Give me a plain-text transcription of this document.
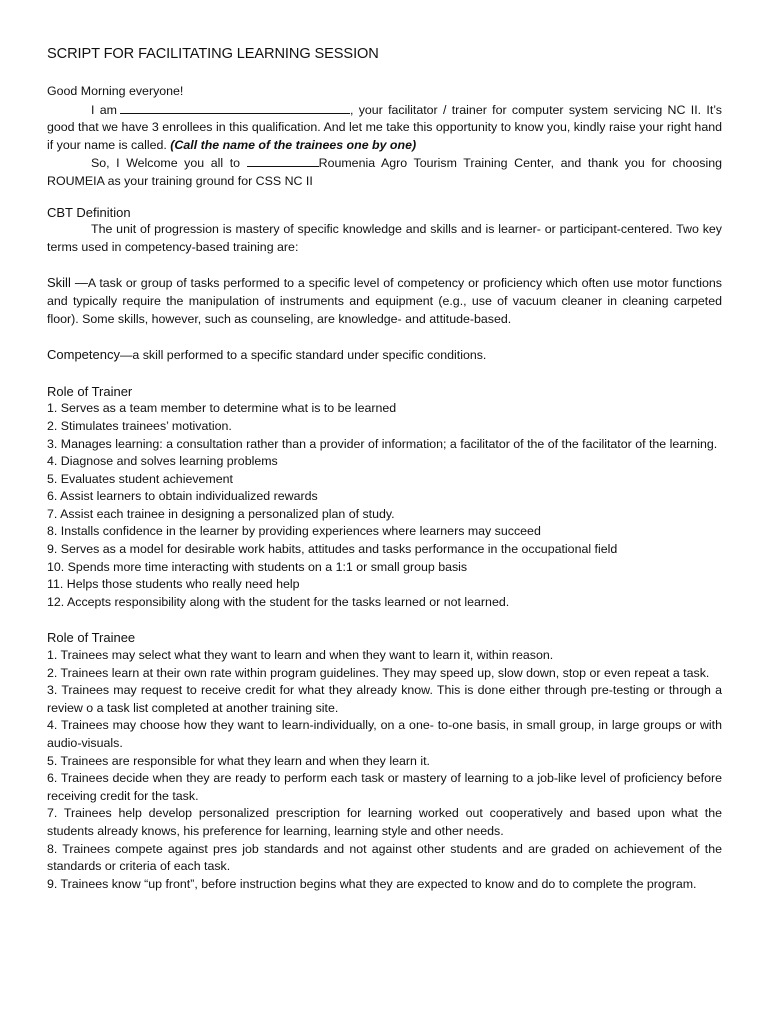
SCRIPT FOR FACILITATING LEARNING SESSION

Good Morning everyone!

I am	, your facilitator / trainer for computer system servicing NC II. It’s good that we have 3 enrollees in this qualification. And let me take this opportunity to know you, kindly raise your right hand if your name is called. (Call the name of the trainees one by one)

So, I Welcome you all to	Roumenia Agro Tourism Training Center, and thank you for choosing ROUMEIA as your training ground for CSS NC II

CBT Definition

The unit of progression is mastery of specific knowledge and skills and is learner- or participant-centered. Two key terms used in competency-based training are:

Skill —A task or group of tasks performed to a specific level of competency or proficiency which often use motor functions and typically require the manipulation of instruments and equipment (e.g., use of vacuum cleaner in cleaning carpeted floor). Some skills, however, such as counseling, are knowledge- and attitude-based.

Competency—a skill performed to a specific standard under specific conditions.

Role of Trainer

1. Serves as a team member to determine what is to be learned
2. Stimulates trainees’ motivation.
3. Manages learning: a consultation rather than a provider of information; a facilitator of the of the facilitator of the learning.
4. Diagnose and solves learning problems
5. Evaluates student achievement
6. Assist learners to obtain individualized rewards
7. Assist each trainee in designing a personalized plan of study.
8. Installs confidence in the learner by providing experiences where learners may succeed
9. Serves as a model for desirable work habits, attitudes and tasks performance in the occupational field
10. Spends more time interacting with students on a 1:1 or small group basis
11. Helps those students who really need help
12. Accepts responsibility along with the student for the tasks learned or not learned.

Role of Trainee

1. Trainees may select what they want to learn and when they want to learn it, within reason.
2. Trainees learn at their own rate within program guidelines. They may speed up, slow down, stop or even repeat a task.
3. Trainees may request to receive credit for what they already know. This is done either through pre-testing or through a review o a task list completed at another training site.
4. Trainees may choose how they want to learn-individually, on a one- to-one basis, in small group, in large groups or with audio-visuals.
5. Trainees are responsible for what they learn and when they learn it.
6. Trainees decide when they are ready to perform each task or mastery of learning to a job-like level of proficiency before receiving credit for the task.
7. Trainees help develop personalized prescription for learning worked out cooperatively and based upon what the students already knows, his preference for learning, learning style and other needs.
8. Trainees compete against pres job standards and not against other students and are graded on achievement of the standards or criteria of each task.
9. Trainees know “up front”, before instruction begins what they are expected to know and do to complete the program.
